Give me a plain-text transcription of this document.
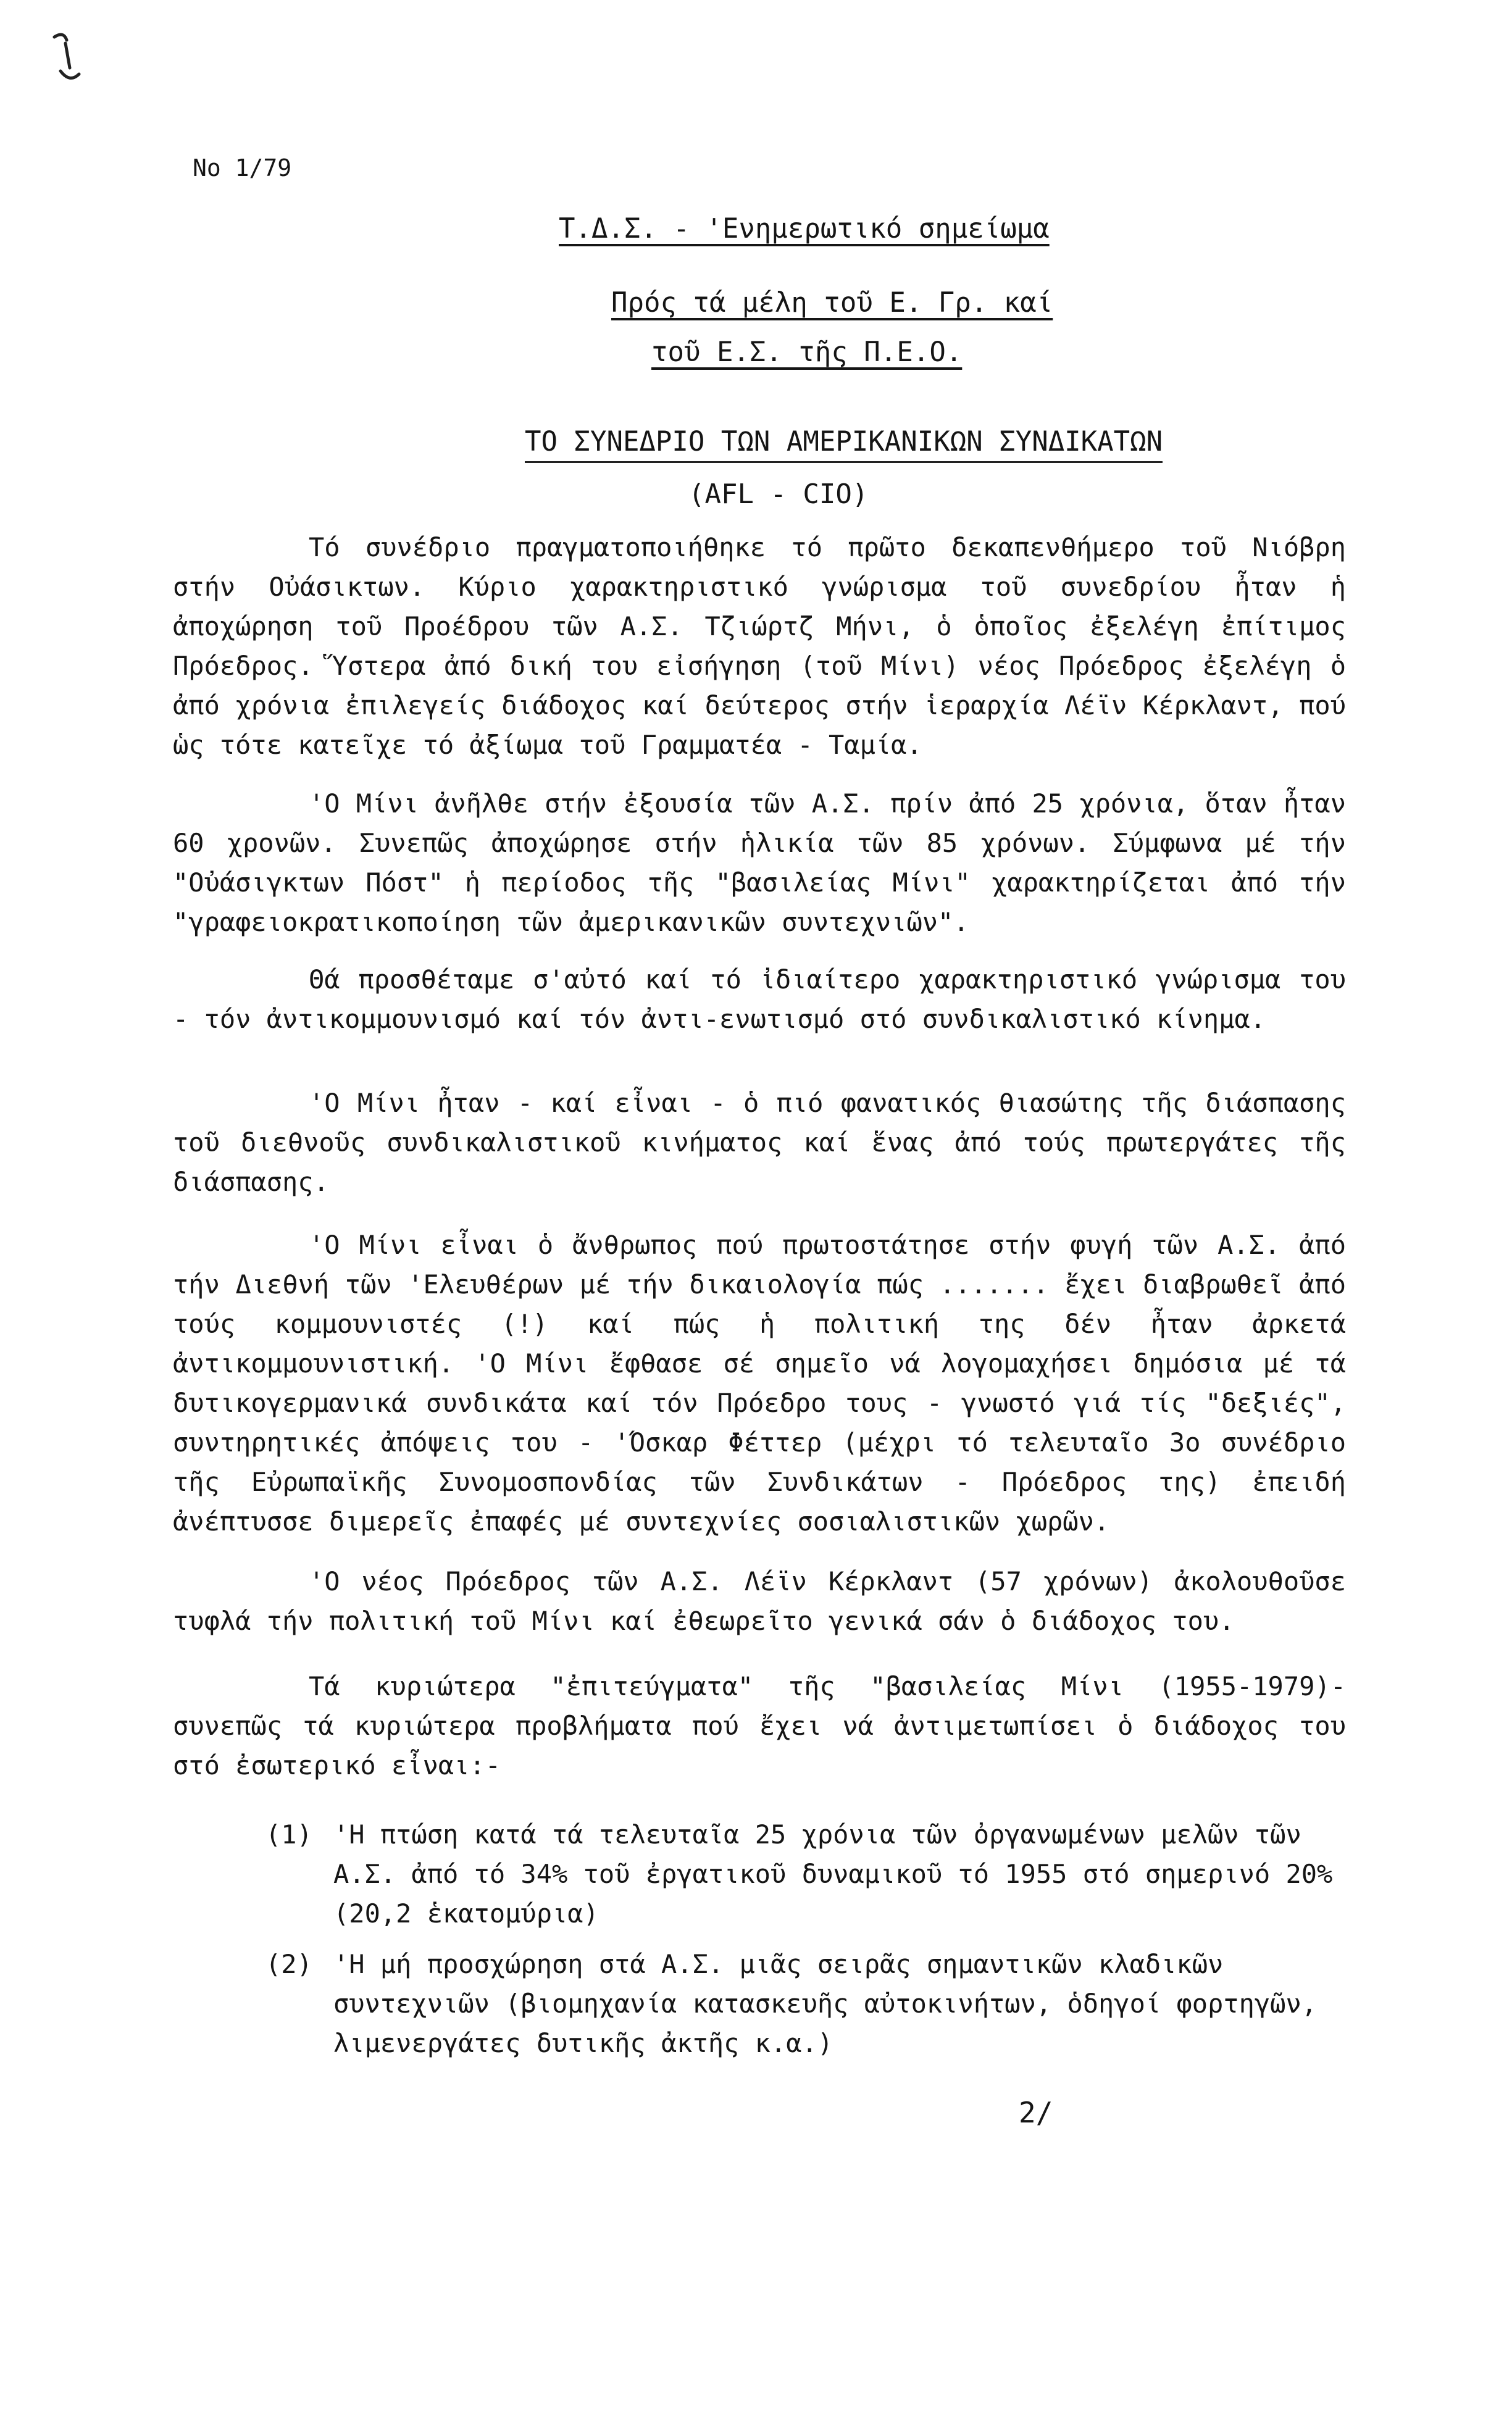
Νο 1/79
Τ.Δ.Σ. - 'Ενημερωτικό σημείωμα
Πρός τά μέλη τοῦ Ε. Γρ. καί
τοῦ Ε.Σ. τῆς Π.Ε.Ο.
ΤΟ ΣΥΝΕΔΡΙΟ ΤΩΝ ΑΜΕΡΙΚΑΝΙΚΩΝ ΣΥΝΔΙΚΑΤΩΝ
(AFL - CIO)

Τό συνέδριο πραγματοποιήθηκε τό πρῶτο δεκαπενθήμερο τοῦ Νιόβρη στήν Οὐάσικτων. Κύριο χαρακτηριστικό γνώρισμα τοῦ συνεδρίου ἦταν ἡ ἀποχώρηση τοῦ Προέδρου τῶν Α.Σ. Τζιώρτζ Μήνι, ὁ ὁποῖος ἐξελέγη ἐπίτιμος Πρόεδρος. Ὕστερα ἀπό δική του εἰσήγηση (τοῦ Μίνι) νέος Πρόεδρος ἐξελέγη ὁ ἀπό χρόνια ἐπιλεγείς διάδοχος καί δεύτερος στήν ἱεραρχία Λέϊν Κέρκλαντ, πού ὡς τότε κατεῖχε τό ἀξίωμα τοῦ Γραμματέα - Ταμία.

'Ο Μίνι ἀνῆλθε στήν ἐξουσία τῶν Α.Σ. πρίν ἀπό 25 χρόνια, ὅταν ἦταν 60 χρονῶν. Συνεπῶς ἀποχώρησε στήν ἡλικία τῶν 85 χρόνων. Σύμφωνα μέ τήν "Οὐάσιγκτων Πόστ" ἡ περίοδος τῆς "βασιλείας Μίνι" χαρακτηρίζεται ἀπό τήν "γραφειοκρατικοποίηση τῶν ἀμερικανικῶν συντεχνιῶν".

Θά προσθέταμε σ'αὐτό καί τό ἰδιαίτερο χαρακτηριστικό γνώρισμα του - τόν ἀντικομμουνισμό καί τόν ἀντι-ενωτισμό στό συνδικαλιστικό κίνημα.

'Ο Μίνι ἦταν - καί εἶναι - ὁ πιό φανατικός θιασώτης τῆς διάσπασης τοῦ διεθνοῦς συνδικαλιστικοῦ κινήματος καί ἕνας ἀπό τούς πρωτεργάτες τῆς διάσπασης.

'Ο Μίνι εἶναι ὁ ἄνθρωπος πού πρωτοστάτησε στήν φυγή τῶν Α.Σ. ἀπό τήν Διεθνή τῶν 'Ελευθέρων μέ τήν δικαιολογία πώς ....... ἔχει διαβρωθεῖ ἀπό τούς κομμουνιστές (!) καί πώς ἡ πολιτική της δέν ἦταν ἀρκετά ἀντικομμουνιστική. 'Ο Μίνι ἔφθασε σέ σημεῖο νά λογομαχήσει δημόσια μέ τά δυτικογερμανικά συνδικάτα καί τόν Πρόεδρο τους - γνωστό γιά τίς "δεξιές", συντηρητικές ἀπόψεις του - 'Όσκαρ Φέττερ (μέχρι τό τελευταῖο 3ο συνέδριο τῆς Εὐρωπαϊκῆς Συνομοσπονδίας τῶν Συνδικάτων - Πρόεδρος της) ἐπειδή ἀνέπτυσσε διμερεῖς ἐπαφές μέ συντεχνίες σοσιαλιστικῶν χωρῶν.

'Ο νέος Πρόεδρος τῶν Α.Σ. Λέϊν Κέρκλαντ (57 χρόνων) ἀκολουθοῦσε τυφλά τήν πολιτική τοῦ Μίνι καί ἐθεωρεῖτο γενικά σάν ὁ διάδοχος του.

Τά κυριώτερα "ἐπιτεύγματα" τῆς "βασιλείας Μίνι (1955-1979)- συνεπῶς τά κυριώτερα προβλήματα πού ἔχει νά ἀντιμετωπίσει ὁ διάδοχος του στό ἐσωτερικό εἶναι:-

(1) 'Η πτώση κατά τά τελευταῖα 25 χρόνια τῶν ὀργανωμένων μελῶν τῶν Α.Σ. ἀπό τό 34% τοῦ ἐργατικοῦ δυναμικοῦ τό 1955 στό σημερινό 20% (20,2 ἑκατομύρια)
(2) 'Η μή προσχώρηση στά Α.Σ. μιᾶς σειρᾶς σημαντικῶν κλαδικῶν συντεχνιῶν (βιομηχανία κατασκευῆς αὐτοκινήτων, ὁδηγοί φορτηγῶν, λιμενεργάτες δυτικῆς ἀκτῆς κ.α.)
2/
